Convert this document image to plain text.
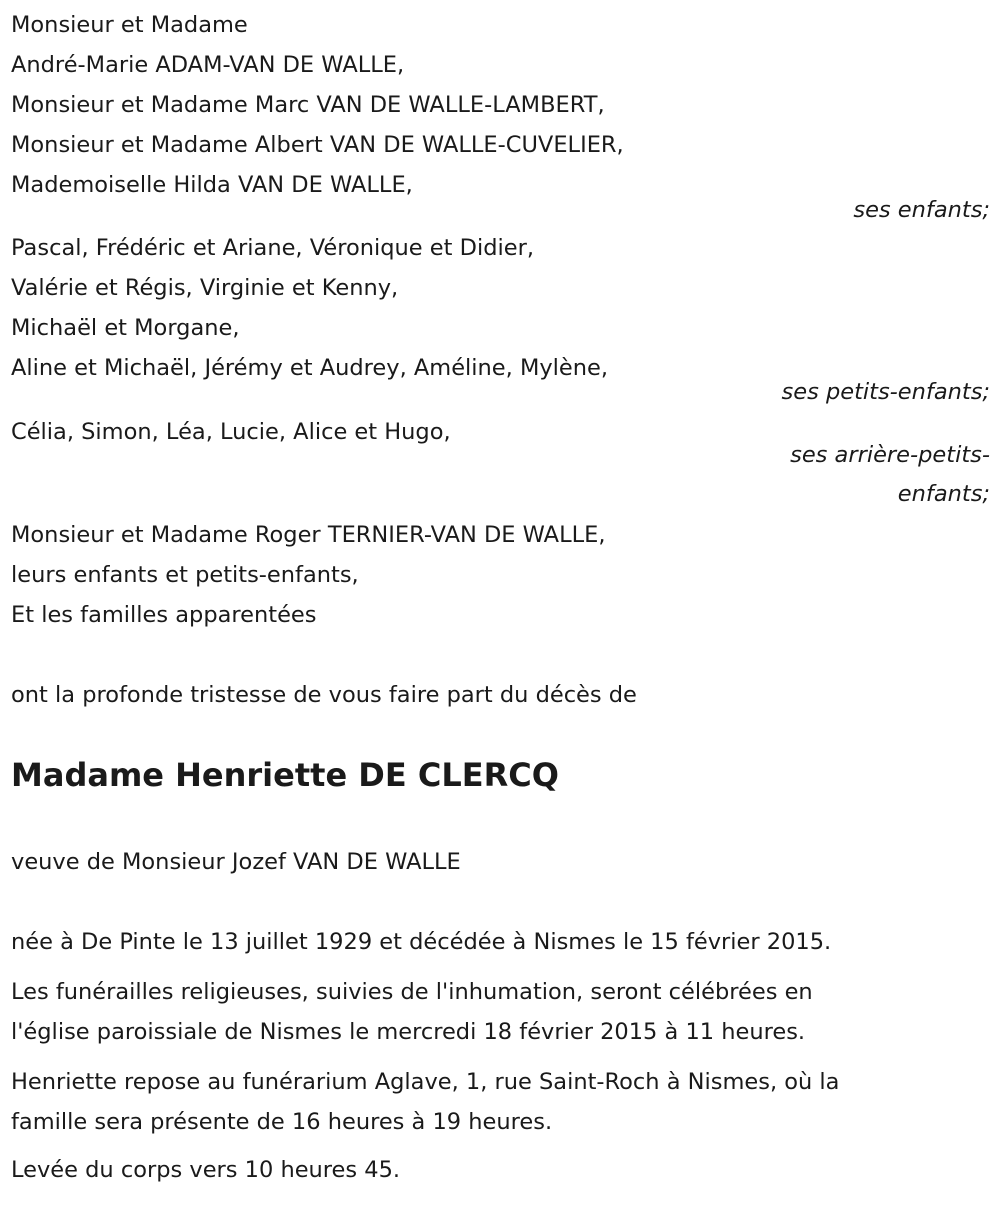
Monsieur et Madame
André-Marie ADAM-VAN DE WALLE,
Monsieur et Madame Marc VAN DE WALLE-LAMBERT,
Monsieur et Madame Albert VAN DE WALLE-CUVELIER,
Mademoiselle Hilda VAN DE WALLE,
ses enfants;
Pascal, Frédéric et Ariane, Véronique et Didier,
Valérie et Régis, Virginie et Kenny,
Michaël et Morgane,
Aline et Michaël, Jérémy et Audrey, Améline, Mylène,
ses petits-enfants;
Célia, Simon, Léa, Lucie, Alice et Hugo,
ses arrière-petits-
enfants;
Monsieur et Madame Roger TERNIER-VAN DE WALLE,
leurs enfants et petits-enfants,
Et les familles apparentées
ont la profonde tristesse de vous faire part du décès de
Madame Henriette DE CLERCQ
veuve de Monsieur Jozef VAN DE WALLE
née à De Pinte le 13 juillet 1929 et décédée à Nismes le 15 février 2015.
Les funérailles religieuses, suivies de l'inhumation, seront célébrées en
l'église paroissiale de Nismes le mercredi 18 février 2015 à 11 heures.
Henriette repose au funérarium Aglave, 1, rue Saint-Roch à Nismes, où la
famille sera présente de 16 heures à 19 heures.
Levée du corps vers 10 heures 45.
